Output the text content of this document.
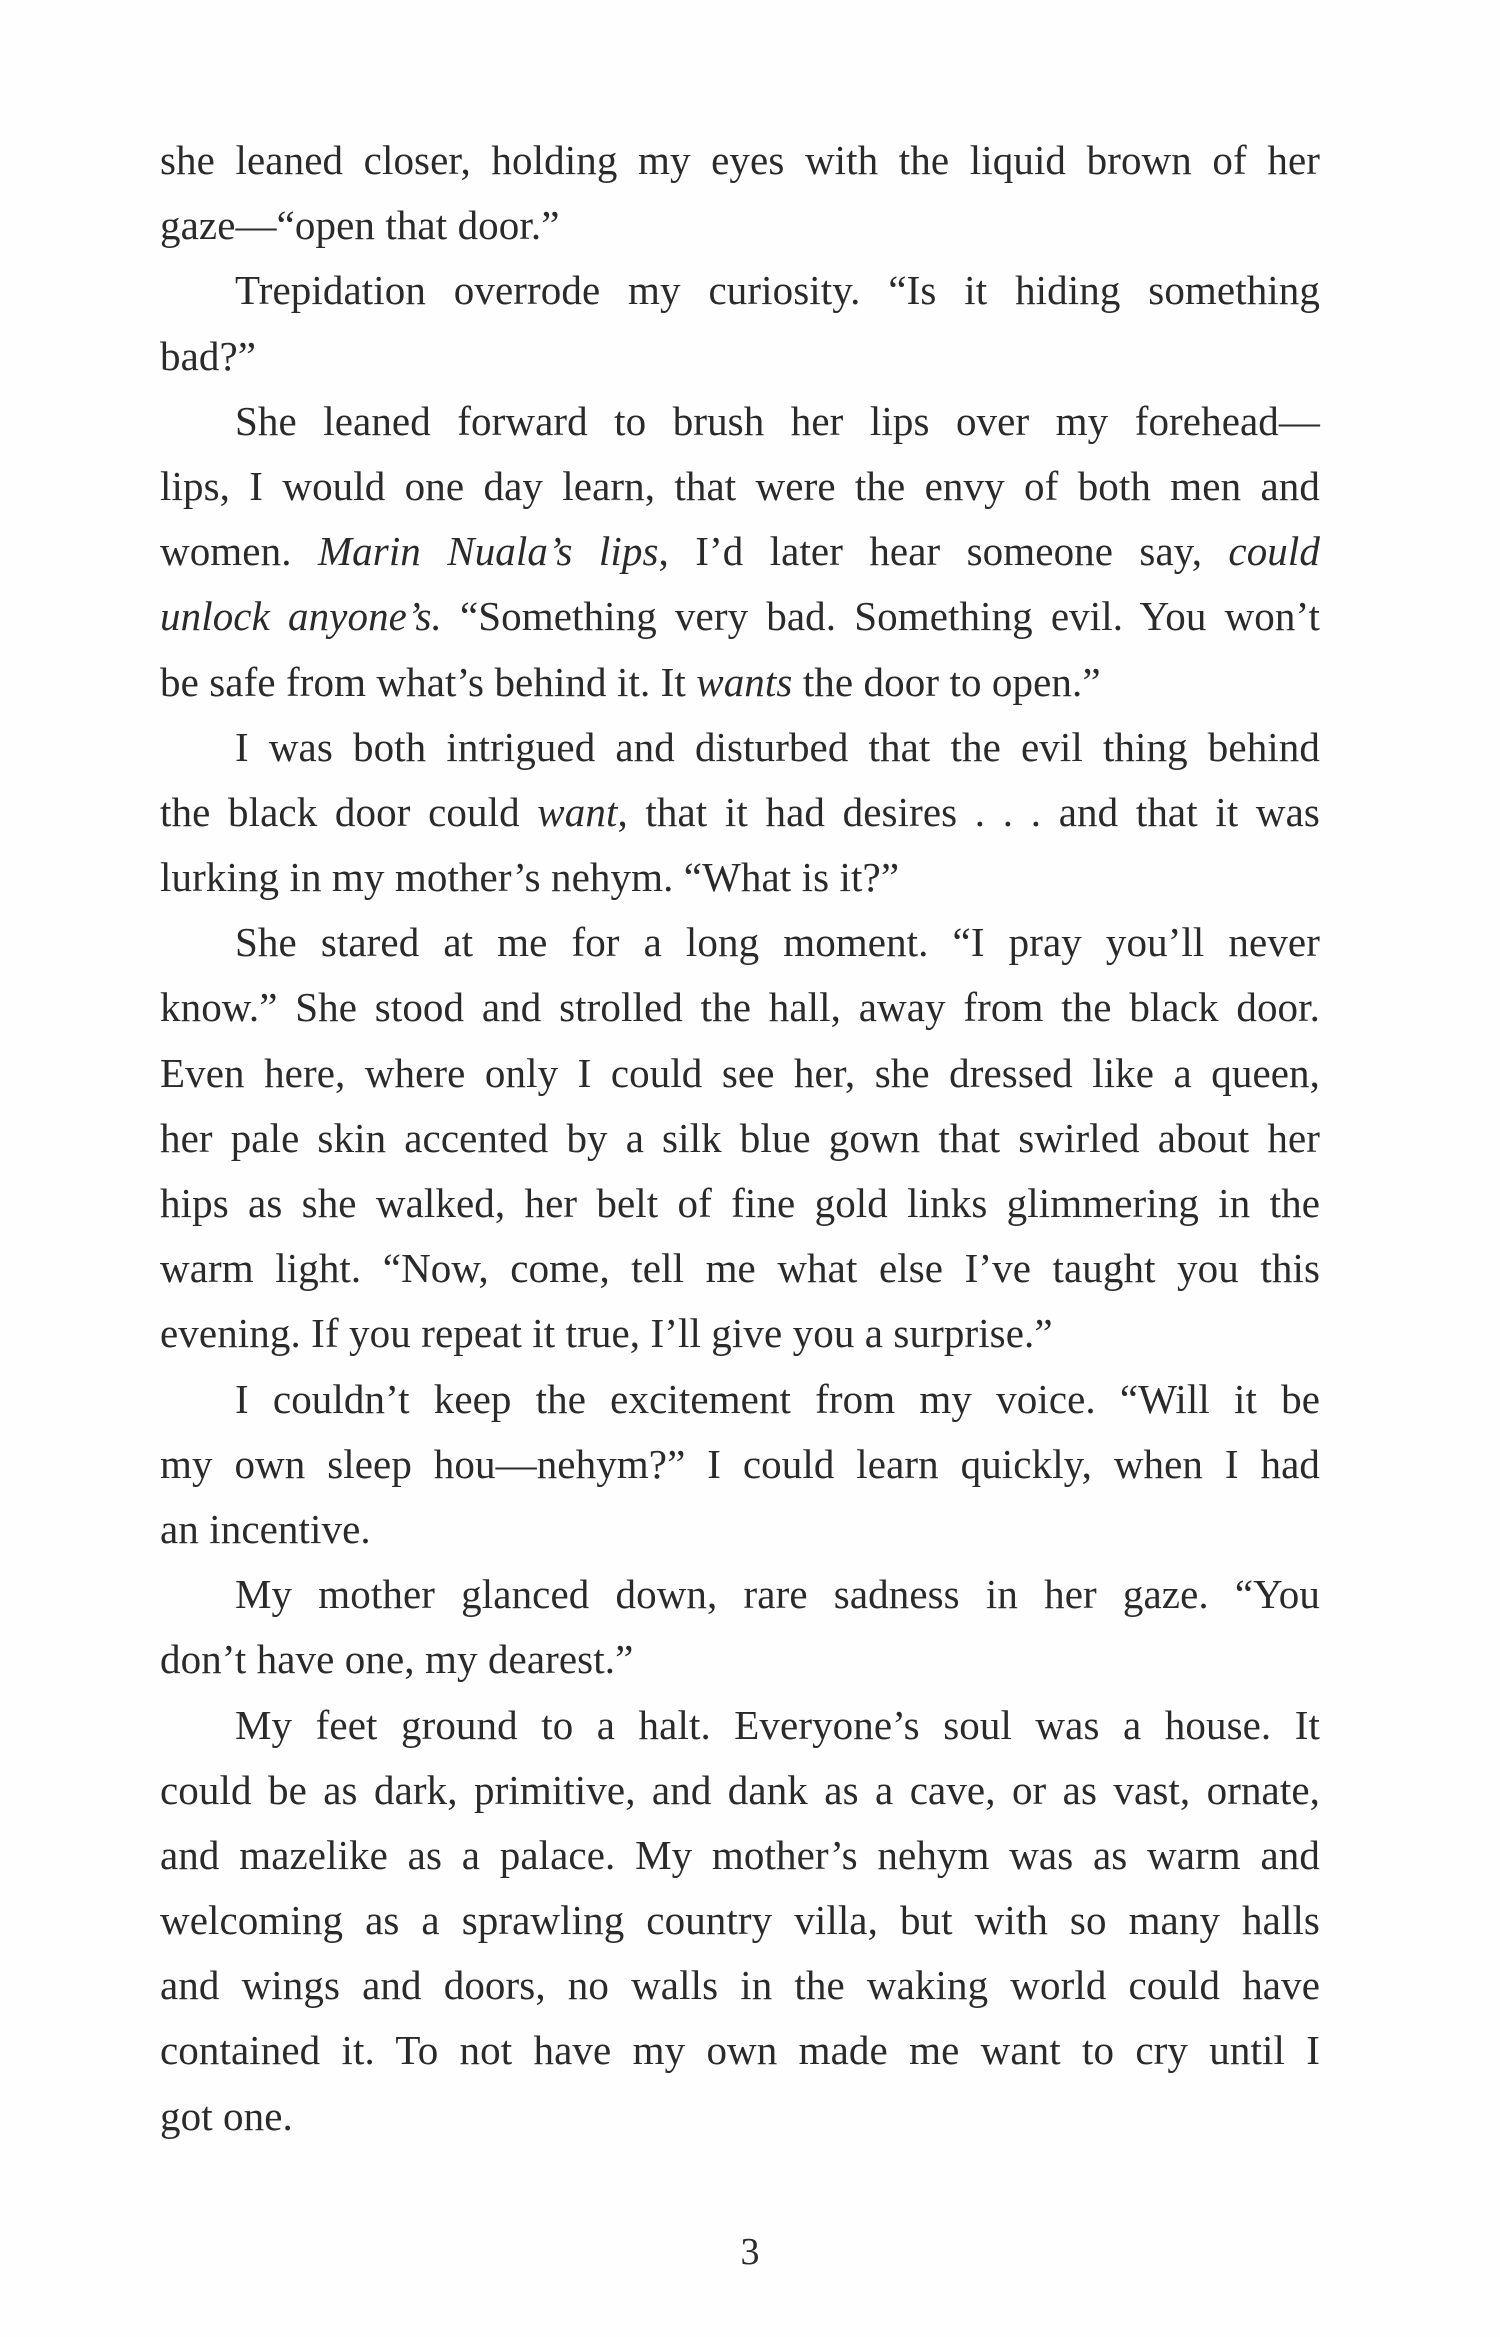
she leaned closer, holding my eyes with the liquid brown of her
gaze—“open that door.”
Trepidation overrode my curiosity. “Is it hiding something
bad?”
She leaned forward to brush her lips over my forehead—
lips, I would one day learn, that were the envy of both men and
women. Marin Nuala’s lips, I’d later hear someone say, could
unlock anyone’s. “Something very bad. Something evil. You won’t
be safe from what’s behind it. It wants the door to open.”
I was both intrigued and disturbed that the evil thing behind
the black door could want, that it had desires . . . and that it was
lurking in my mother’s nehym. “What is it?”
She stared at me for a long moment. “I pray you’ll never
know.” She stood and strolled the hall, away from the black door.
Even here, where only I could see her, she dressed like a queen,
her pale skin accented by a silk blue gown that swirled about her
hips as she walked, her belt of fine gold links glimmering in the
warm light. “Now, come, tell me what else I’ve taught you this
evening. If you repeat it true, I’ll give you a surprise.”
I couldn’t keep the excitement from my voice. “Will it be
my own sleep hou—nehym?” I could learn quickly, when I had
an incentive.
My mother glanced down, rare sadness in her gaze. “You
don’t have one, my dearest.”
My feet ground to a halt. Everyone’s soul was a house. It
could be as dark, primitive, and dank as a cave, or as vast, ornate,
and mazelike as a palace. My mother’s nehym was as warm and
welcoming as a sprawling country villa, but with so many halls
and wings and doors, no walls in the waking world could have
contained it. To not have my own made me want to cry until I
got one.
3
